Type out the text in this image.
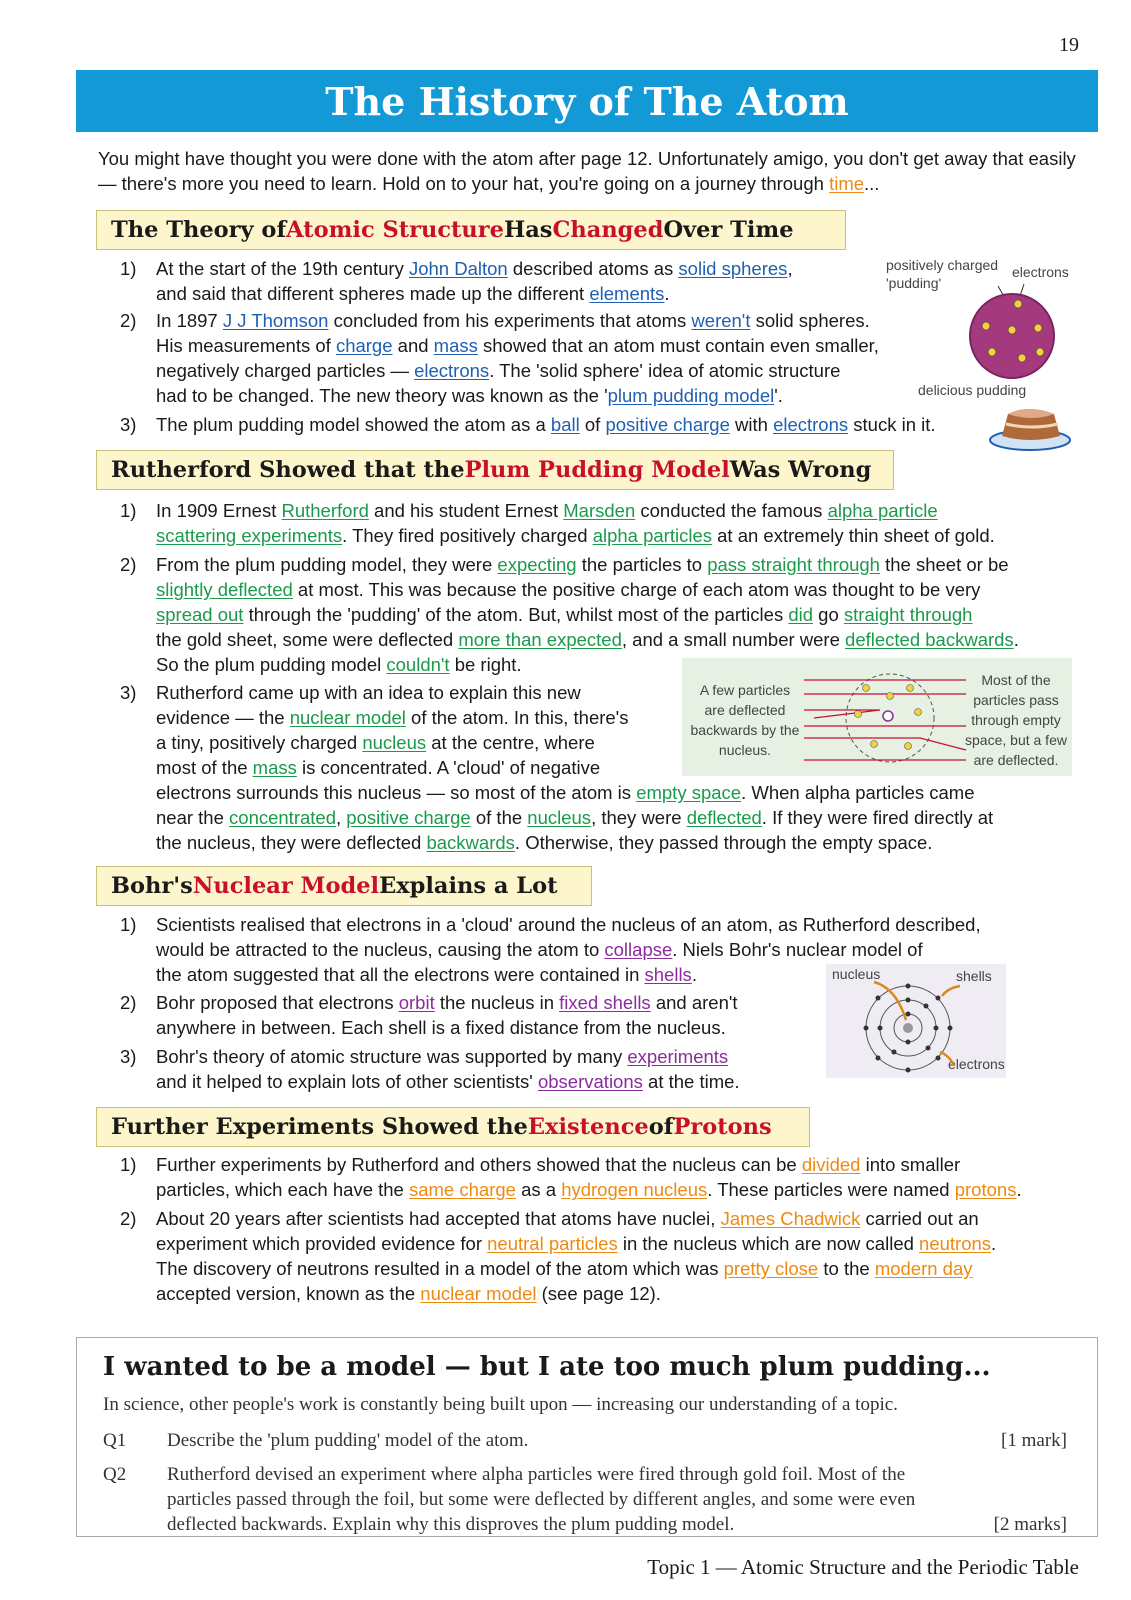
19
The History of The Atom
You might have thought you were done with the atom after page 12. Unfortunately amigo, you don't get away that easily — there's more you need to learn. Hold on to your hat, you're going on a journey through time...
The Theory of Atomic Structure Has Changed Over Time
1) At the start of the 19th century John Dalton described atoms as solid spheres,
and said that different spheres made up the different elements.
2) In 1897 J J Thomson concluded from his experiments that atoms weren't solid spheres.
His measurements of charge and mass showed that an atom must contain even smaller,
negatively charged particles — electrons. The 'solid sphere' idea of atomic structure
had to be changed. The new theory was known as the 'plum pudding model'.
3) The plum pudding model showed the atom as a ball of positive charge with electrons stuck in it.
positively charged 'pudding'
electrons
delicious pudding
Rutherford Showed that the Plum Pudding Model Was Wrong
1) In 1909 Ernest Rutherford and his student Ernest Marsden conducted the famous alpha particle
scattering experiments. They fired positively charged alpha particles at an extremely thin sheet of gold.
2) From the plum pudding model, they were expecting the particles to pass straight through the sheet or be
slightly deflected at most. This was because the positive charge of each atom was thought to be very
spread out through the 'pudding' of the atom. But, whilst most of the particles did go straight through
the gold sheet, some were deflected more than expected, and a small number were deflected backwards.
So the plum pudding model couldn't be right.
3) Rutherford came up with an idea to explain this new
evidence — the nuclear model of the atom. In this, there's
a tiny, positively charged nucleus at the centre, where
most of the mass is concentrated. A 'cloud' of negative
electrons surrounds this nucleus — so most of the atom is empty space. When alpha particles came
near the concentrated, positive charge of the nucleus, they were deflected. If they were fired directly at
the nucleus, they were deflected backwards. Otherwise, they passed through the empty space.
A few particles are deflected backwards by the nucleus.
Most of the particles pass through empty space, but a few are deflected.
Bohr's Nuclear Model Explains a Lot
1) Scientists realised that electrons in a 'cloud' around the nucleus of an atom, as Rutherford described,
would be attracted to the nucleus, causing the atom to collapse. Niels Bohr's nuclear model of
the atom suggested that all the electrons were contained in shells.
2) Bohr proposed that electrons orbit the nucleus in fixed shells and aren't
anywhere in between. Each shell is a fixed distance from the nucleus.
3) Bohr's theory of atomic structure was supported by many experiments
and it helped to explain lots of other scientists' observations at the time.
nucleus	shells
electrons
Further Experiments Showed the Existence of Protons
1) Further experiments by Rutherford and others showed that the nucleus can be divided into smaller
particles, which each have the same charge as a hydrogen nucleus. These particles were named protons.
2) About 20 years after scientists had accepted that atoms have nuclei, James Chadwick carried out an
experiment which provided evidence for neutral particles in the nucleus which are now called neutrons.
The discovery of neutrons resulted in a model of the atom which was pretty close to the modern day
accepted version, known as the nuclear model (see page 12).
I wanted to be a model — but I ate too much plum pudding...
In science, other people's work is constantly being built upon — increasing our understanding of a topic.
Q1 Describe the 'plum pudding' model of the atom.	[1 mark]
Q2 Rutherford devised an experiment where alpha particles were fired through gold foil. Most of the particles passed through the foil, but some were deflected by different angles, and some were even deflected backwards. Explain why this disproves the plum pudding model.	[2 marks]
Topic 1 — Atomic Structure and the Periodic Table
